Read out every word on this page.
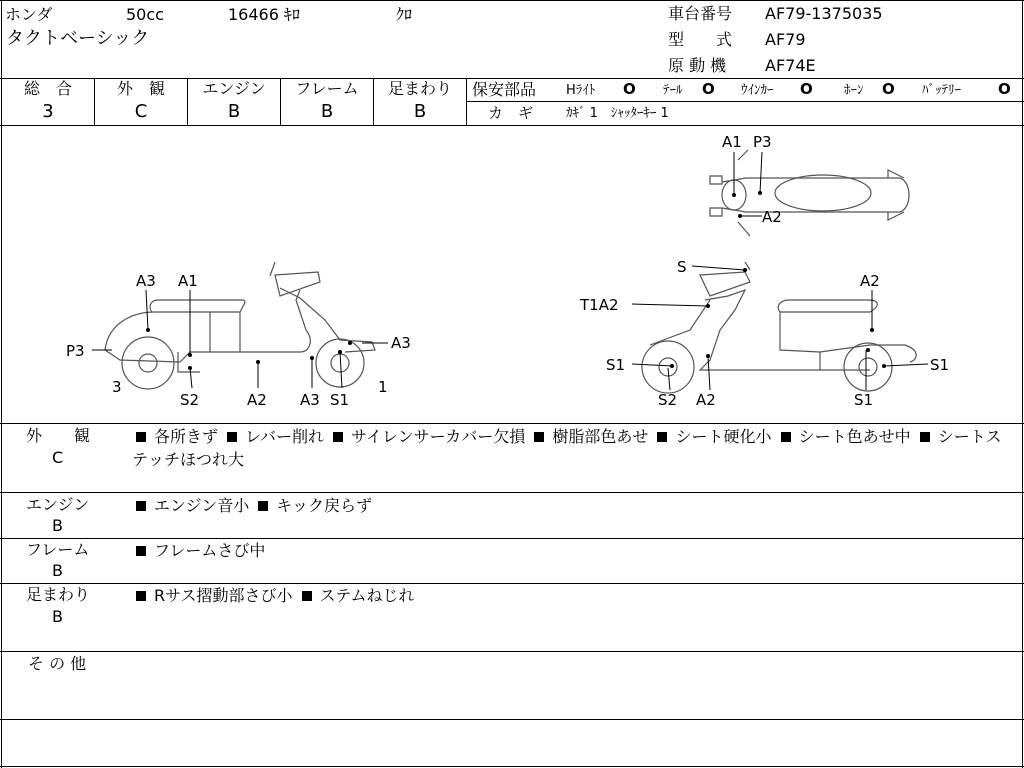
ホンダ	50cc	16466 ｷﾛ	ｸﾛ
タクトベーシック
車台番号 AF79-1375035
型　　式 AF79
原 動 機 AF74E
総　合
3
外　観
C
エンジン
B
フレーム
B
足まわり
B
保安部品 Hﾗｲﾄ O ﾃｰﾙ O ｳｲﾝｶｰ O ﾎｰﾝ O ﾊﾞｯﾃﾘｰ O
カ　ギ	ｶｷﾞ 1　ｼｬｯﾀｰｷｰ 1
A3 A1
P3	A3
3	1
S2	A2 A3 S1
A1 P3
A2
S
T1A2
A2
S1	S1
S2 A2	S1
外　　観
C
各所きず レバー削れ サイレンサーカバー欠損 樹脂部色あせ シート硬化小 シート色あせ中 シートステッチほつれ大
エンジン
B
エンジン音小 キック戻らず
フレーム
B
フレームさび中
足まわり
B
Rサス摺動部さび小 ステムねじれ
そ の 他
